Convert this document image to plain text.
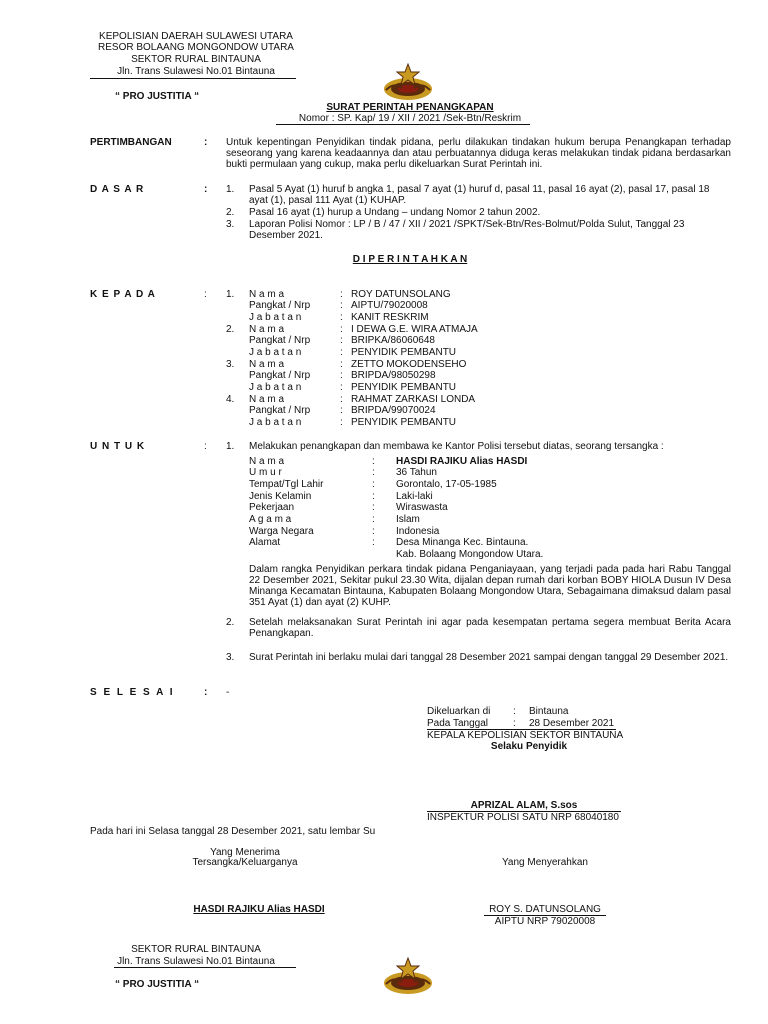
KEPOLISIAN DAERAH SULAWESI UTARA
RESOR BOLAANG MONGONDOW UTARA
SEKTOR RURAL BINTAUNA
Jln. Trans Sulawesi No.01 Bintauna
“ PRO JUSTITIA “
SURAT PERINTAH PENANGKAPAN
Nomor : SP. Kap/ 19 / XII / 2021 /Sek-Btn/Reskrim
PERTIMBANGAN	: Untuk kepentingan Penyidikan tindak pidana, perlu dilakukan tindakan hukum berupa Penangkapan terhadap seseorang yang karena keadaannya dan atau perbuatannya diduga keras melakukan tindak pidana berdasarkan bukti permulaan yang cukup, maka perlu dikeluarkan Surat Perintah ini.
D A S A R	: 1. Pasal 5 Ayat (1) huruf b angka 1, pasal 7 ayat (1) huruf d, pasal 11, pasal 16 ayat (2), pasal 17, pasal 18
ayat (1), pasal 111 Ayat (1) KUHAP.
2. Pasal 16 ayat (1) hurup a Undang – undang Nomor 2 tahun 2002.
3. Laporan Polisi Nomor : LP / B / 47 / XII / 2021 /SPKT/Sek-Btn/Res-Bolmut/Polda Sulut, Tanggal 23
Desember 2021.
D I P E R I N T A H K A N
K E P A D A	: 1. N a m a	: ROY DATUNSOLANG
Pangkat / Nrp	: AIPTU/79020008
J a b a t a n	: KANIT RESKRIM
2. N a m a	: I DEWA G.E. WIRA ATMAJA
Pangkat / Nrp	: BRIPKA/86060648
J a b a t a n	: PENYIDIK PEMBANTU
3. N a m a	: ZETTO MOKODENSEHO
Pangkat / Nrp	: BRIPDA/98050298
J a b a t a n	: PENYIDIK PEMBANTU
4. N a m a	: RAHMAT ZARKASI LONDA
Pangkat / Nrp	: BRIPDA/99070024
J a b a t a n	: PENYIDIK PEMBANTU
U N T U K	: 1. Melakukan penangkapan dan membawa ke Kantor Polisi tersebut diatas, seorang tersangka :
N a m a	: HASDI RAJIKU Alias HASDI
U m u r	: 36 Tahun
Tempat/Tgl Lahir	: Gorontalo, 17-05-1985
Jenis Kelamin	: Laki-laki
Pekerjaan	: Wiraswasta
A g a m a	: Islam
Warga Negara	: Indonesia
Alamat	: Desa Minanga Kec. Bintauna.
Kab. Bolaang Mongondow Utara.
Dalam rangka Penyidikan perkara tindak pidana Penganiayaan, yang terjadi pada pada hari Rabu Tanggal 22 Desember 2021, Sekitar pukul 23.30 Wita, dijalan depan rumah dari korban BOBY HIOLA Dusun IV Desa Minanga Kecamatan Bintauna, Kabupaten Bolaang Mongondow Utara, Sebagaimana dimaksud dalam pasal 351 Ayat (1) dan ayat (2) KUHP.
2. Setelah melaksanakan Surat Perintah ini agar pada kesempatan pertama segera membuat Berita Acara Penangkapan.
3. Surat Perintah ini berlaku mulai dari tanggal 28 Desember 2021 sampai dengan tanggal 29 Desember 2021.
S E L E S A I	: -
Dikeluarkan di : Bintauna
Pada Tanggal	: 28 Desember 2021
KEPALA KEPOLISIAN SEKTOR BINTAUNA
Selaku Penyidik
APRIZAL ALAM, S.sos
INSPEKTUR POLISI SATU NRP 68040180
Pada hari ini Selasa tanggal 28 Desember 2021, satu lembar Su
Yang Menerima
Tersangka/Keluarganya	Yang Menyerahkan
HASDI RAJIKU Alias HASDI	ROY S. DATUNSOLANG
AIPTU NRP 79020008
SEKTOR RURAL BINTAUNA
Jln. Trans Sulawesi No.01 Bintauna
“ PRO JUSTITIA “
